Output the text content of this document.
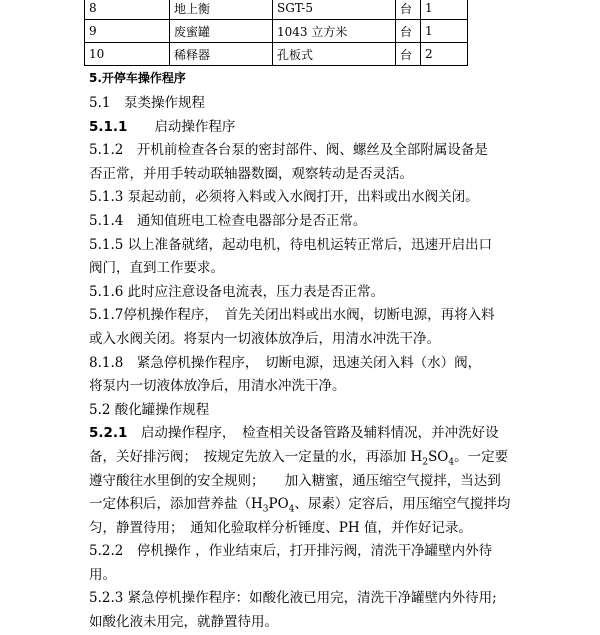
8	地上衡	SGT-5	台	1
9	废蜜罐	1043 立方米	台	1
10	稀释器	孔板式	台	2

5.开停车操作程序

5.1　泵类操作规程

5.1.1　　 启动操作程序

5.1.2　开机前检查各台泵的密封部件、阀、螺丝及全部附属设备是

否正常，并用手转动联轴器数圈，观察转动是否灵活。

5.1.3 泵起动前，必须将入料或入水阀打开，出料或出水阀关闭。

5.1.4　通知值班电工检查电器部分是否正常。

5.1.5 以上准备就绪，起动电机，待电机运转正常后，迅速开启出口

阀门，直到工作要求。

5.1.6 此时应注意设备电流表，压力表是否正常。

5.1.7停机操作程序，　首先关闭出料或出水阀，切断电源，再将入料

或入水阀关闭。将泵内一切液体放净后，用清水冲洗干净。

8.1.8　紧急停机操作程序，　切断电源，迅速关闭入料（水）阀，

将泵内一切液体放净后，用清水冲洗干净。

5.2 酸化罐操作规程

5.2.1　启动操作程序，　检查相关设备管路及辅料情况，并冲洗好设

备，关好排污阀；　按规定先放入一定量的水，再添加 $H_2SO_4$。一定要

遵守酸往水里倒的安全规则；　　加入糖蜜，通压缩空气搅拌，当达到

一定体积后，添加营养盐（$H_3PO_4$、尿素）定容后，用压缩空气搅拌均

匀，静置待用；　通知化验取样分析锤度、PH 值，并作好记录。

5.2.2　停机操作 ，作业结束后，打开排污阀，清洗干净罐壁内外待

用。

5.2.3 紧急停机操作程序：如酸化液已用完，清洗干净罐壁内外待用;

如酸化液未用完，就静置待用。
